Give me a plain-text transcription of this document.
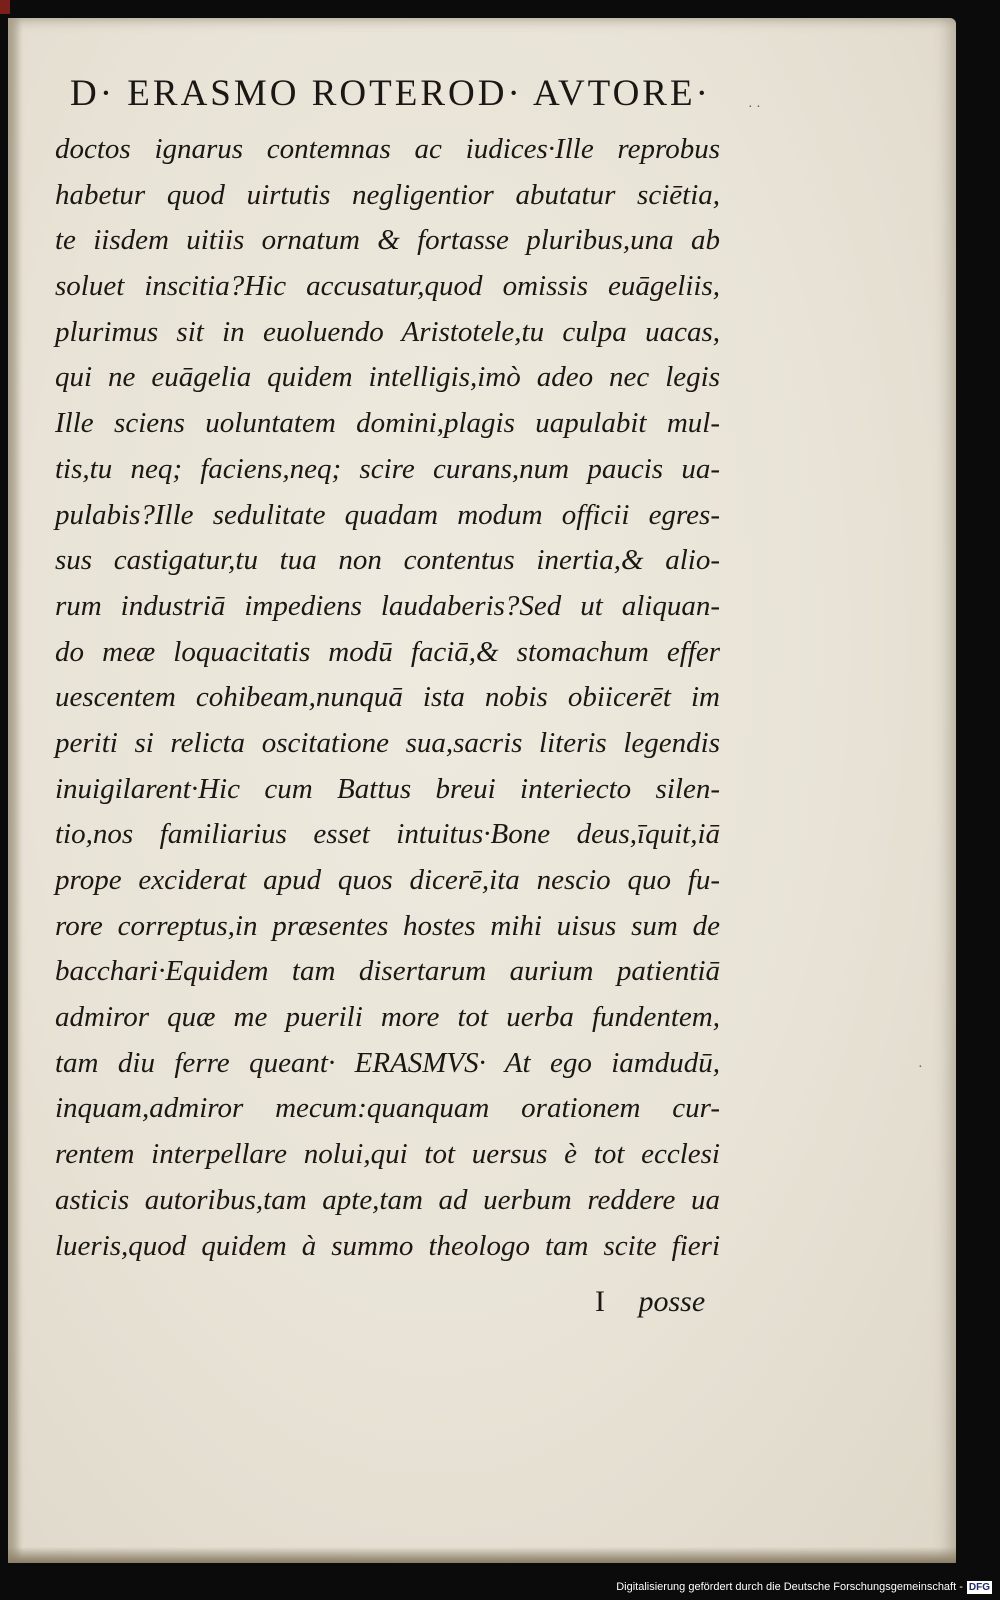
D· ERASMO ROTEROD· AVTORE·
doctos ignarus contemnas ac iudices·Ille reprobus
habetur quod uirtutis negligentior abutatur sciētia,
te iisdem uitiis ornatum & fortasse pluribus,una ab
soluet inscitia?Hic accusatur,quod omissis euāgeliis,
plurimus sit in euoluendo Aristotele,tu culpa uacas,
qui ne euāgelia quidem intelligis,imò adeo nec legis
Ille sciens uoluntatem domini,plagis uapulabit mul-
tis,tu neq; faciens,neq; scire curans,num paucis ua-
pulabis?Ille sedulitate quadam modum officii egres-
sus castigatur,tu tua non contentus inertia,& alio-
rum industriā impediens laudaberis?Sed ut aliquan-
do meæ loquacitatis modū faciā,& stomachum effer
uescentem cohibeam,nunquā ista nobis obiicerēt im
periti si relicta oscitatione sua,sacris literis legendis
inuigilarent·Hic cum Battus breui interiecto silen-
tio,nos familiarius esset intuitus·Bone deus,īquit,iā
prope exciderat apud quos dicerē,ita nescio quo fu-
rore correptus,in præsentes hostes mihi uisus sum de
bacchari·Equidem tam disertarum aurium patientiā
admiror quæ me puerili more tot uerba fundentem,
tam diu ferre queant· ERASMVS· At ego iamdudū,
inquam,admiror mecum:quanquam orationem cur-
rentem interpellare nolui,qui tot uersus è tot ecclesi
asticis autoribus,tam apte,tam ad uerbum reddere ua
lueris,quod quidem à summo theologo tam scite fieri
I posse
· ·
·
Digitalisierung gefördert durch die Deutsche Forschungsgemeinschaft - DFG
